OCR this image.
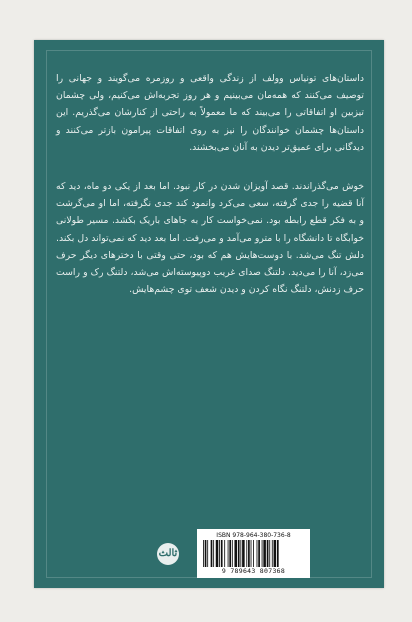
داستان‌های تونیاس وولف از زندگی واقعی و روزمره می‌گویند و جهانی را توصیف می‌کنند که همه‌مان می‌بینیم و هر روز تجربه‌اش می‌کنیم، ولی چشمان تیزبین او اتفاقاتی را می‌بیند که ما معمولاً به راحتی از کنارشان می‌گذریم. این داستان‌ها چشمان خوانندگان را نیز به روی اتفاقات پیرامون بازتر می‌کنند و دیدگانی برای عمیق‌تر دیدن به آنان می‌بخشند.

خوش می‌گذراندند. قصد آویزان شدن در کار نبود. اما بعد از یکی دو ماه، دید که آنا قضیه را جدی گرفته، سعی می‌کرد وانمود کند جدی نگرفته، اما او می‌گرشت و به فکر قطع رابطه بود. نمی‌خواست کار به جاهای باریک بکشد. مسیر طولانی خوابگاه تا دانشگاه را با مترو می‌آمد و می‌رفت. اما بعد دید که نمی‌تواند دل بکند. دلش تنگ می‌شد. با دوست‌هایش هم که بود، حتی وقتی با دخترهای دیگر حرف می‌زد، آنا را می‌دید. دلتنگ صدای غریب دوپیوسته‌اش می‌شد، دلتنگ رک و راست حرف زدنش، دلتنگ نگاه کردن و دیدن شعف توی چشم‌هایش.

ثالث
ISBN 978-964-380-736-8
9 789643 807368
